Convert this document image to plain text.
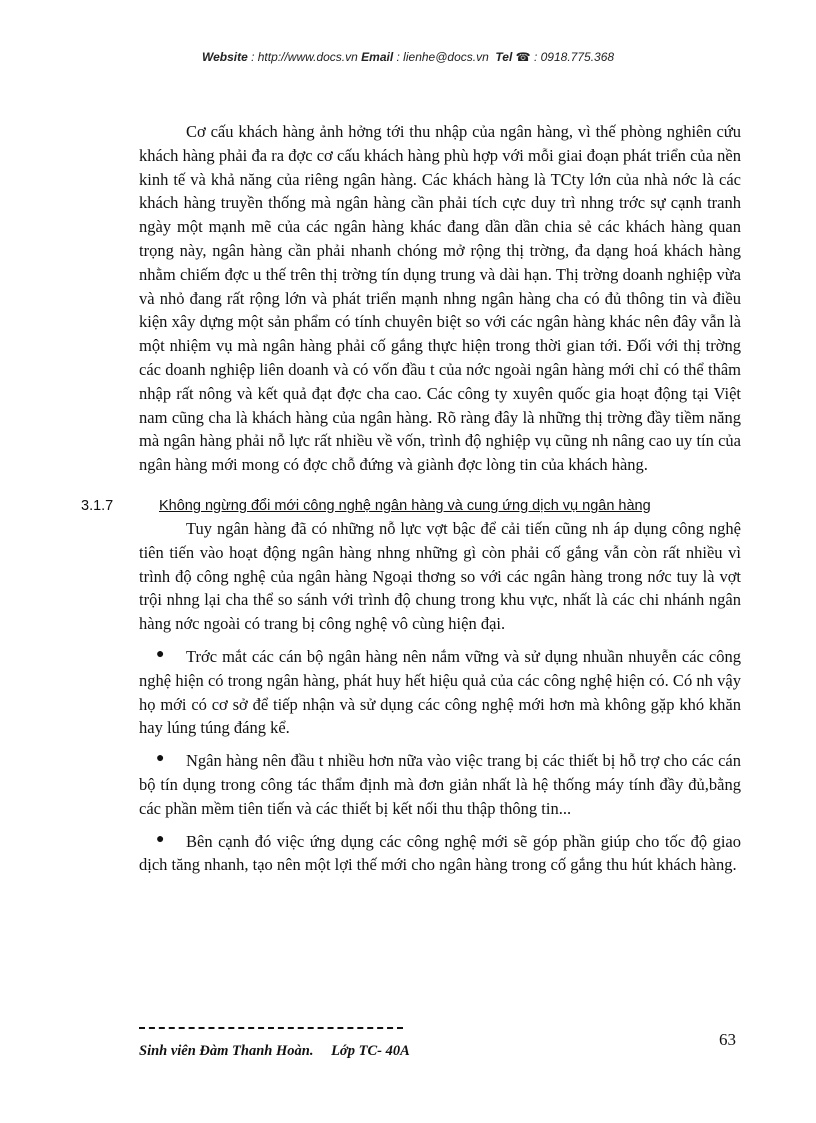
Website : http://www.docs.vn Email : lienhe@docs.vn Tel ☎ : 0918.775.368

Cơ cấu khách hàng ảnh hởng tới thu nhập của ngân hàng, vì thế phòng nghiên cứu khách hàng phải đa ra đợc cơ cấu khách hàng phù hợp với mỗi giai đoạn phát triển của nền kinh tế và khả năng của riêng ngân hàng. Các khách hàng là TCty lớn của nhà nớc là các khách hàng truyền thống mà ngân hàng cần phải tích cực duy trì nhng trớc sự cạnh tranh ngày một mạnh mẽ của các ngân hàng khác đang dần dần chia sẻ các khách hàng quan trọng này, ngân hàng cần phải nhanh chóng mở rộng thị trờng, đa dạng hoá khách hàng nhằm chiếm đợc u thế trên thị trờng tín dụng trung và dài hạn. Thị trờng doanh nghiệp vừa và nhỏ đang rất rộng lớn và phát triển mạnh nhng ngân hàng cha có đủ thông tin và điều kiện xây dựng một sản phẩm có tính chuyên biệt so với các ngân hàng khác nên đây vẫn là một nhiệm vụ mà ngân hàng phải cố gắng thực hiện trong thời gian tới. Đối với thị trờng các doanh nghiệp liên doanh và có vốn đầu t của nớc ngoài ngân hàng mới chỉ có thể thâm nhập rất nông và kết quả đạt đợc cha cao. Các công ty xuyên quốc gia hoạt động tại Việt nam cũng cha là khách hàng của ngân hàng. Rõ ràng đây là những thị trờng đầy tiềm năng mà ngân hàng phải nỗ lực rất nhiều về vốn, trình độ nghiệp vụ cũng nh nâng cao uy tín của ngân hàng mới mong có đợc chỗ đứng và giành đợc lòng tin của khách hàng.

3.1.7	Không ngừng đổi mới công nghệ ngân hàng và cung ứng dịch vụ ngân hàng

Tuy ngân hàng đã có những nỗ lực vợt bậc để cải tiến cũng nh áp dụng công nghệ tiên tiến vào hoạt động ngân hàng nhng những gì còn phải cố gắng vẫn còn rất nhiều vì trình độ công nghệ của ngân hàng Ngoại thơng so với các ngân hàng trong nớc tuy là vợt trội nhng lại cha thể so sánh với trình độ chung trong khu vực, nhất là các chi nhánh ngân hàng nớc ngoài có trang bị công nghệ vô cùng hiện đại.

● Trớc mắt các cán bộ ngân hàng nên nắm vững và sử dụng nhuần nhuyễn các công nghệ hiện có trong ngân hàng, phát huy hết hiệu quả của các công nghệ hiện có. Có nh vậy họ mới có cơ sở để tiếp nhận và sử dụng các công nghệ mới hơn mà không gặp khó khăn hay lúng túng đáng kể.
● Ngân hàng nên đầu t nhiều hơn nữa vào việc trang bị các thiết bị hỗ trợ cho các cán bộ tín dụng trong công tác thẩm định mà đơn giản nhất là hệ thống máy tính đầy đủ,bằng các phần mềm tiên tiến và các thiết bị kết nối thu thập thông tin...
● Bên cạnh đó việc ứng dụng các công nghệ mới sẽ góp phần giúp cho tốc độ giao dịch tăng nhanh, tạo nên một lợi thế mới cho ngân hàng trong cố gắng thu hút khách hàng.
Sinh viên Đàm Thanh Hoàn. Lớp TC- 40A
63
